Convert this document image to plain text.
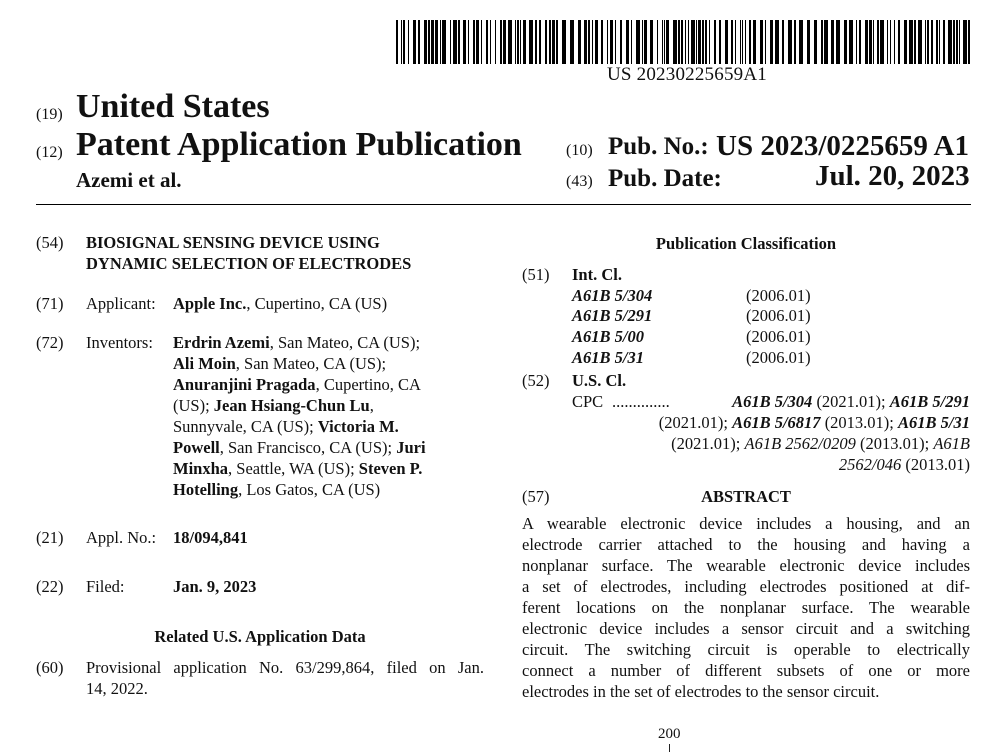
US 20230225659A1
(19) United States
(12) Patent Application Publication
Azemi et al.
(10) Pub. No.: US 2023/0225659 A1
(43) Pub. Date:	Jul. 20, 2023
(54) BIOSIGNAL SENSING DEVICE USING
DYNAMIC SELECTION OF ELECTRODES
(71) Applicant: Apple Inc., Cupertino, CA (US)
(72) Inventors: Erdrin Azemi, San Mateo, CA (US);
Ali Moin, San Mateo, CA (US);
Anuranjini Pragada, Cupertino, CA
(US); Jean Hsiang-Chun Lu,
Sunnyvale, CA (US); Victoria M.
Powell, San Francisco, CA (US); Juri
Minxha, Seattle, WA (US); Steven P.
Hotelling, Los Gatos, CA (US)
(21) Appl. No.: 18/094,841
(22) Filed:	Jan. 9, 2023
Related U.S. Application Data
(60) Provisional application No. 63/299,864, filed on Jan.
14, 2022.
Publication Classification
(51) Int. Cl.
A61B 5/304	(2006.01)
A61B 5/291	(2006.01)
A61B 5/00	(2006.01)
A61B 5/31	(2006.01)
(52) U.S. Cl.
CPC ..............	A61B 5/304 (2021.01); A61B 5/291
(2021.01); A61B 5/6817 (2013.01); A61B 5/31
(2021.01); A61B 2562/0209 (2013.01); A61B
2562/046 (2013.01)
(57)	ABSTRACT
A wearable electronic device includes a housing, and an
electrode carrier attached to the housing and having a
nonplanar surface. The wearable electronic device includes
a set of electrodes, including electrodes positioned at dif-
ferent locations on the nonplanar surface. The wearable
electronic device includes a sensor circuit and a switching
circuit. The switching circuit is operable to electrically
connect a number of different subsets of one or more
electrodes in the set of electrodes to the sensor circuit.
200
